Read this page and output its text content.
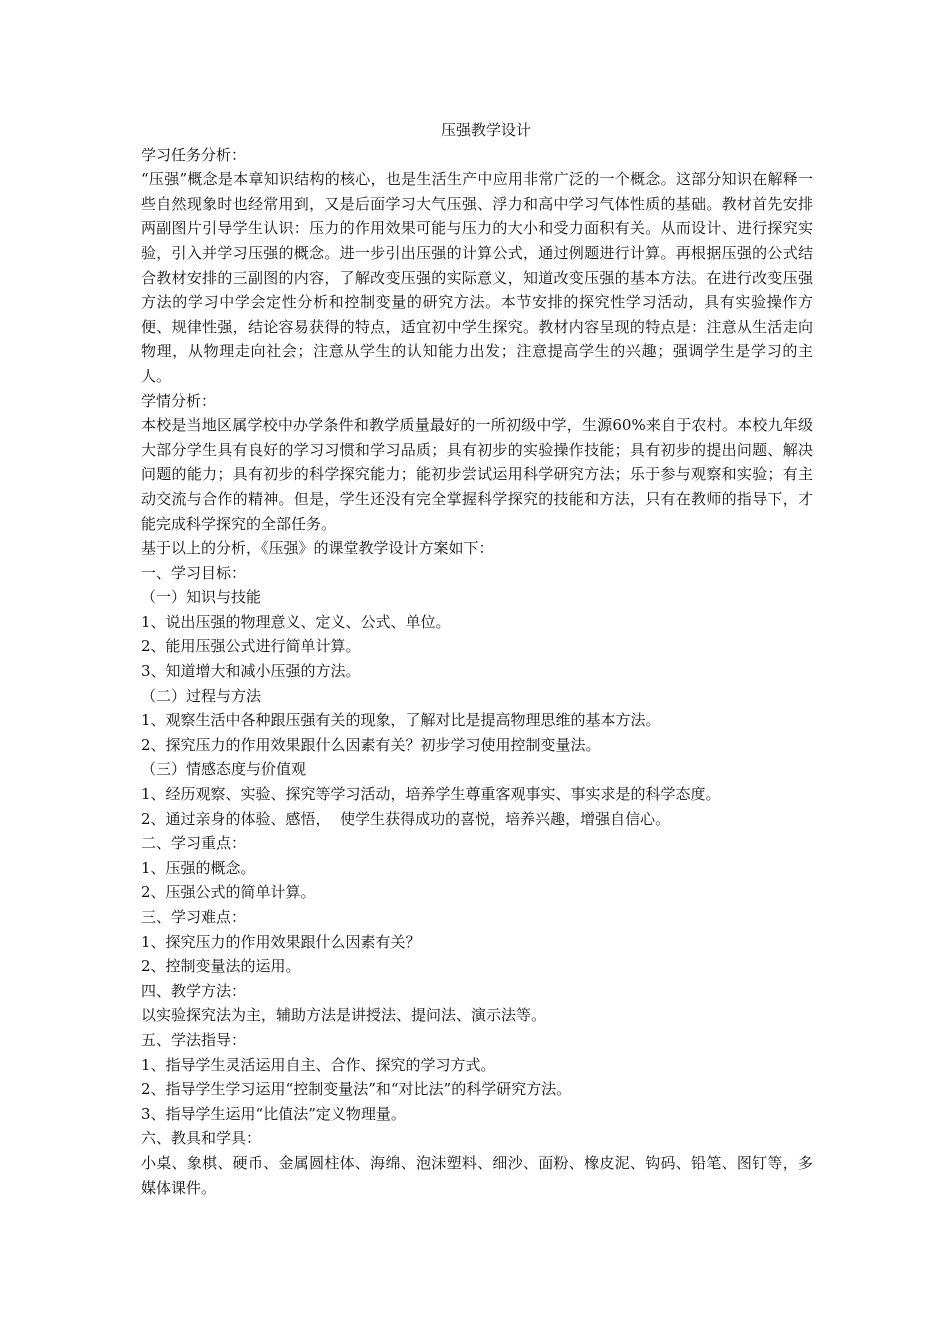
压强教学设计
学习任务分析：
“压强”概念是本章知识结构的核心，也是生活生产中应用非常广泛的一个概念。这部分知识在解释一些自然现象时也经常用到，又是后面学习大气压强、浮力和高中学习气体性质的基础。教材首先安排两副图片引导学生认识：压力的作用效果可能与压力的大小和受力面积有关。从而设计、进行探究实验，引入并学习压强的概念。进一步引出压强的计算公式，通过例题进行计算。再根据压强的公式结合教材安排的三副图的内容，了解改变压强的实际意义，知道改变压强的基本方法。在进行改变压强方法的学习中学会定性分析和控制变量的研究方法。本节安排的探究性学习活动，具有实验操作方便、规律性强，结论容易获得的特点，适宜初中学生探究。教材内容呈现的特点是：注意从生活走向物理，从物理走向社会；注意从学生的认知能力出发；注意提高学生的兴趣；强调学生是学习的主人。
学情分析：
本校是当地区属学校中办学条件和教学质量最好的一所初级中学，生源60%来自于农村。本校九年级大部分学生具有良好的学习习惯和学习品质；具有初步的实验操作技能；具有初步的提出问题、解决问题的能力；具有初步的科学探究能力；能初步尝试运用科学研究方法；乐于参与观察和实验；有主动交流与合作的精神。但是，学生还没有完全掌握科学探究的技能和方法，只有在教师的指导下，才能完成科学探究的全部任务。
基于以上的分析，《压强》的课堂教学设计方案如下：
一、学习目标：
（一）知识与技能
1、说出压强的物理意义、定义、公式、单位。
2、能用压强公式进行简单计算。
3、知道增大和减小压强的方法。
（二）过程与方法
1、观察生活中各种跟压强有关的现象，了解对比是提高物理思维的基本方法。
2、探究压力的作用效果跟什么因素有关？初步学习使用控制变量法。
（三）情感态度与价值观
1、经历观察、实验、探究等学习活动，培养学生尊重客观事实、事实求是的科学态度。
2、通过亲身的体验、感悟，  使学生获得成功的喜悦，培养兴趣，增强自信心。
二、学习重点：
1、压强的概念。
2、压强公式的简单计算。
三、学习难点：
1、探究压力的作用效果跟什么因素有关？
2、控制变量法的运用。
四、教学方法：
以实验探究法为主，辅助方法是讲授法、提问法、演示法等。
五、学法指导：
1、指导学生灵活运用自主、合作、探究的学习方式。
2、指导学生学习运用“控制变量法”和“对比法”的科学研究方法。
3、指导学生运用“比值法”定义物理量。
六、教具和学具：
小桌、象棋、硬币、金属圆柱体、海绵、泡沫塑料、细沙、面粉、橡皮泥、钩码、铅笔、图钉等，多媒体课件。
